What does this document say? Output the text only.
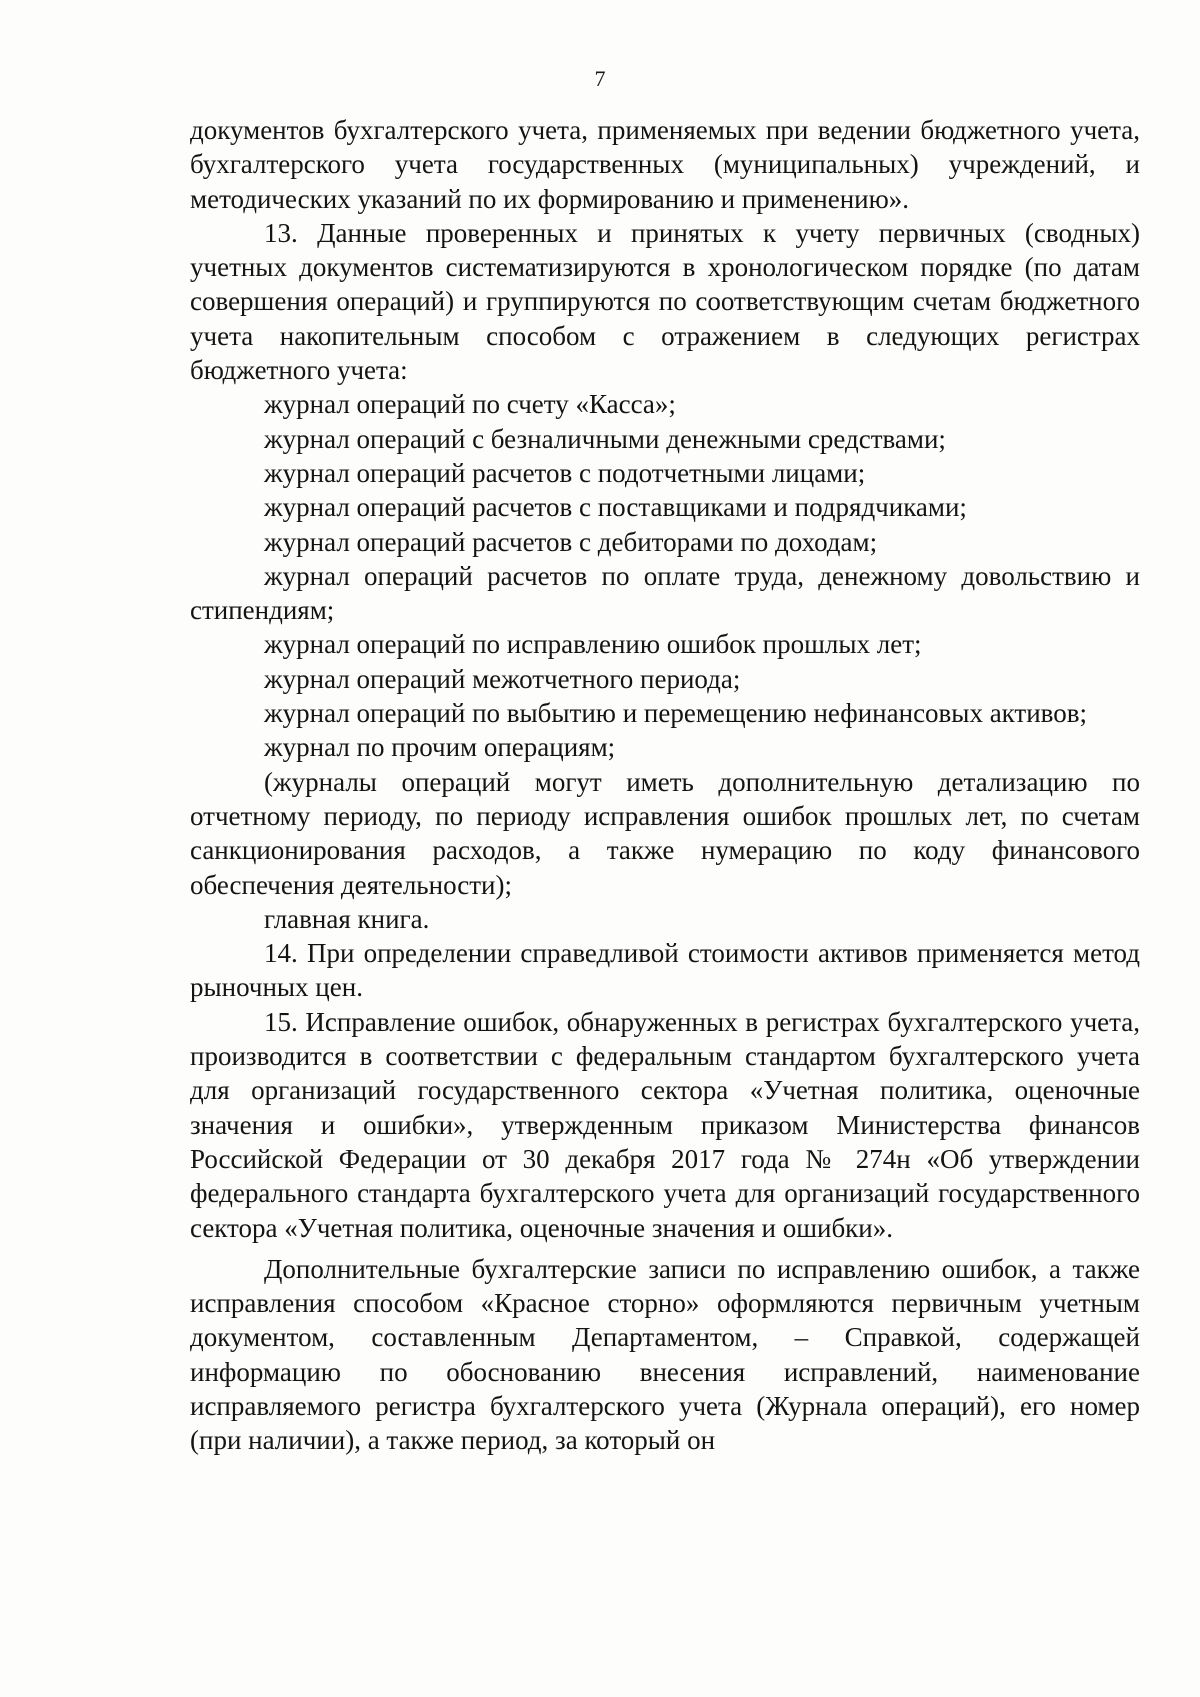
7

документов бухгалтерского учета, применяемых при ведении бюджетного учета, бухгалтерского учета государственных (муниципальных) учреждений, и методических указаний по их формированию и применению».

13. Данные проверенных и принятых к учету первичных (сводных) учетных документов систематизируются в хронологическом порядке (по датам совершения операций) и группируются по соответствующим счетам бюджетного учета накопительным способом с отражением в следующих регистрах бюджетного учета:

журнал операций по счету «Касса»;

журнал операций с безналичными денежными средствами;

журнал операций расчетов с подотчетными лицами;

журнал операций расчетов с поставщиками и подрядчиками;

журнал операций расчетов с дебиторами по доходам;

журнал операций расчетов по оплате труда, денежному довольствию и стипендиям;

журнал операций по исправлению ошибок прошлых лет;

журнал операций межотчетного периода;

журнал операций по выбытию и перемещению нефинансовых активов;

журнал по прочим операциям;

(журналы операций могут иметь дополнительную детализацию по отчетному периоду, по периоду исправления ошибок прошлых лет, по счетам санкционирования расходов, а также нумерацию по коду финансового обеспечения деятельности);

главная книга.

14. При определении справедливой стоимости активов применяется метод рыночных цен.

15. Исправление ошибок, обнаруженных в регистрах бухгалтерского учета, производится в соответствии с федеральным стандартом бухгалтерского учета для организаций государственного сектора «Учетная политика, оценочные значения и ошибки», утвержденным приказом Министерства финансов Российской Федерации от 30 декабря 2017 года № 274н «Об утверждении федерального стандарта бухгалтерского учета для организаций государственного сектора «Учетная политика, оценочные значения и ошибки».

Дополнительные бухгалтерские записи по исправлению ошибок, а также исправления способом «Красное сторно» оформляются первичным учетным документом, составленным Департаментом, – Справкой, содержащей информацию по обоснованию внесения исправлений, наименование исправляемого регистра бухгалтерского учета (Журнала операций), его номер (при наличии), а также период, за который он
